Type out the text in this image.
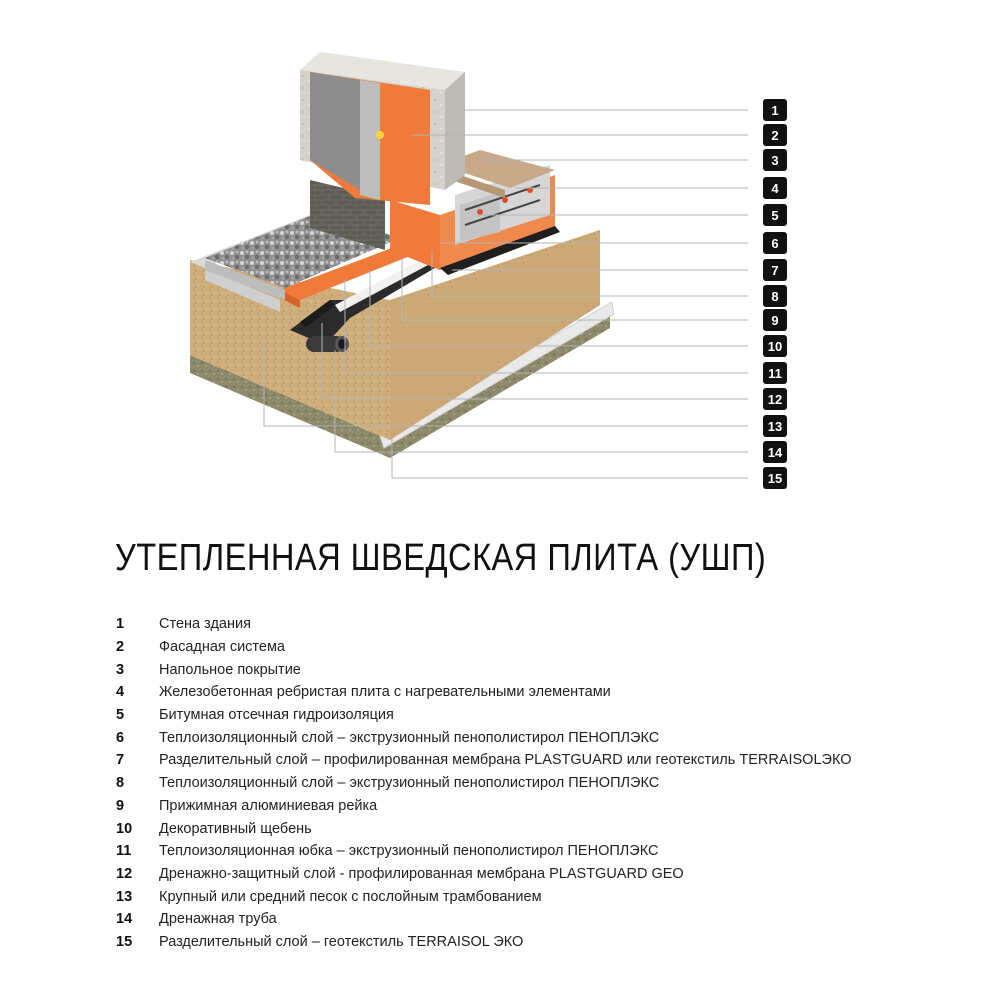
1
2
3
4
5
6
7
8
9
10
11
12
13
14
15
УТЕПЛЕННАЯ ШВЕДСКАЯ ПЛИТА (УШП)
1	Стена здания
2	Фасадная система
3	Напольное покрытие
4	Железобетонная ребристая плита с нагревательными элементами
5	Битумная отсечная гидроизоляция
6	Теплоизоляционный слой – экструзионный пенополистирол ПЕНОПЛЭКС
7	Разделительный слой – профилированная мембрана PLASTGUARD или геотекстиль TERRAISOLЭКО
8	Теплоизоляционный слой – экструзионный пенополистирол ПЕНОПЛЭКС
9	Прижимная алюминиевая рейка
10	Декоративный щебень
11	Теплоизоляционная юбка – экструзионный пенополистирол ПЕНОПЛЭКС
12	Дренажно-защитный слой - профилированная мембрана PLASTGUARD GEO
13	Крупный или средний песок с послойным трамбованием
14	Дренажная труба
15	Разделительный слой – геотекстиль TERRAISOL ЭКО
